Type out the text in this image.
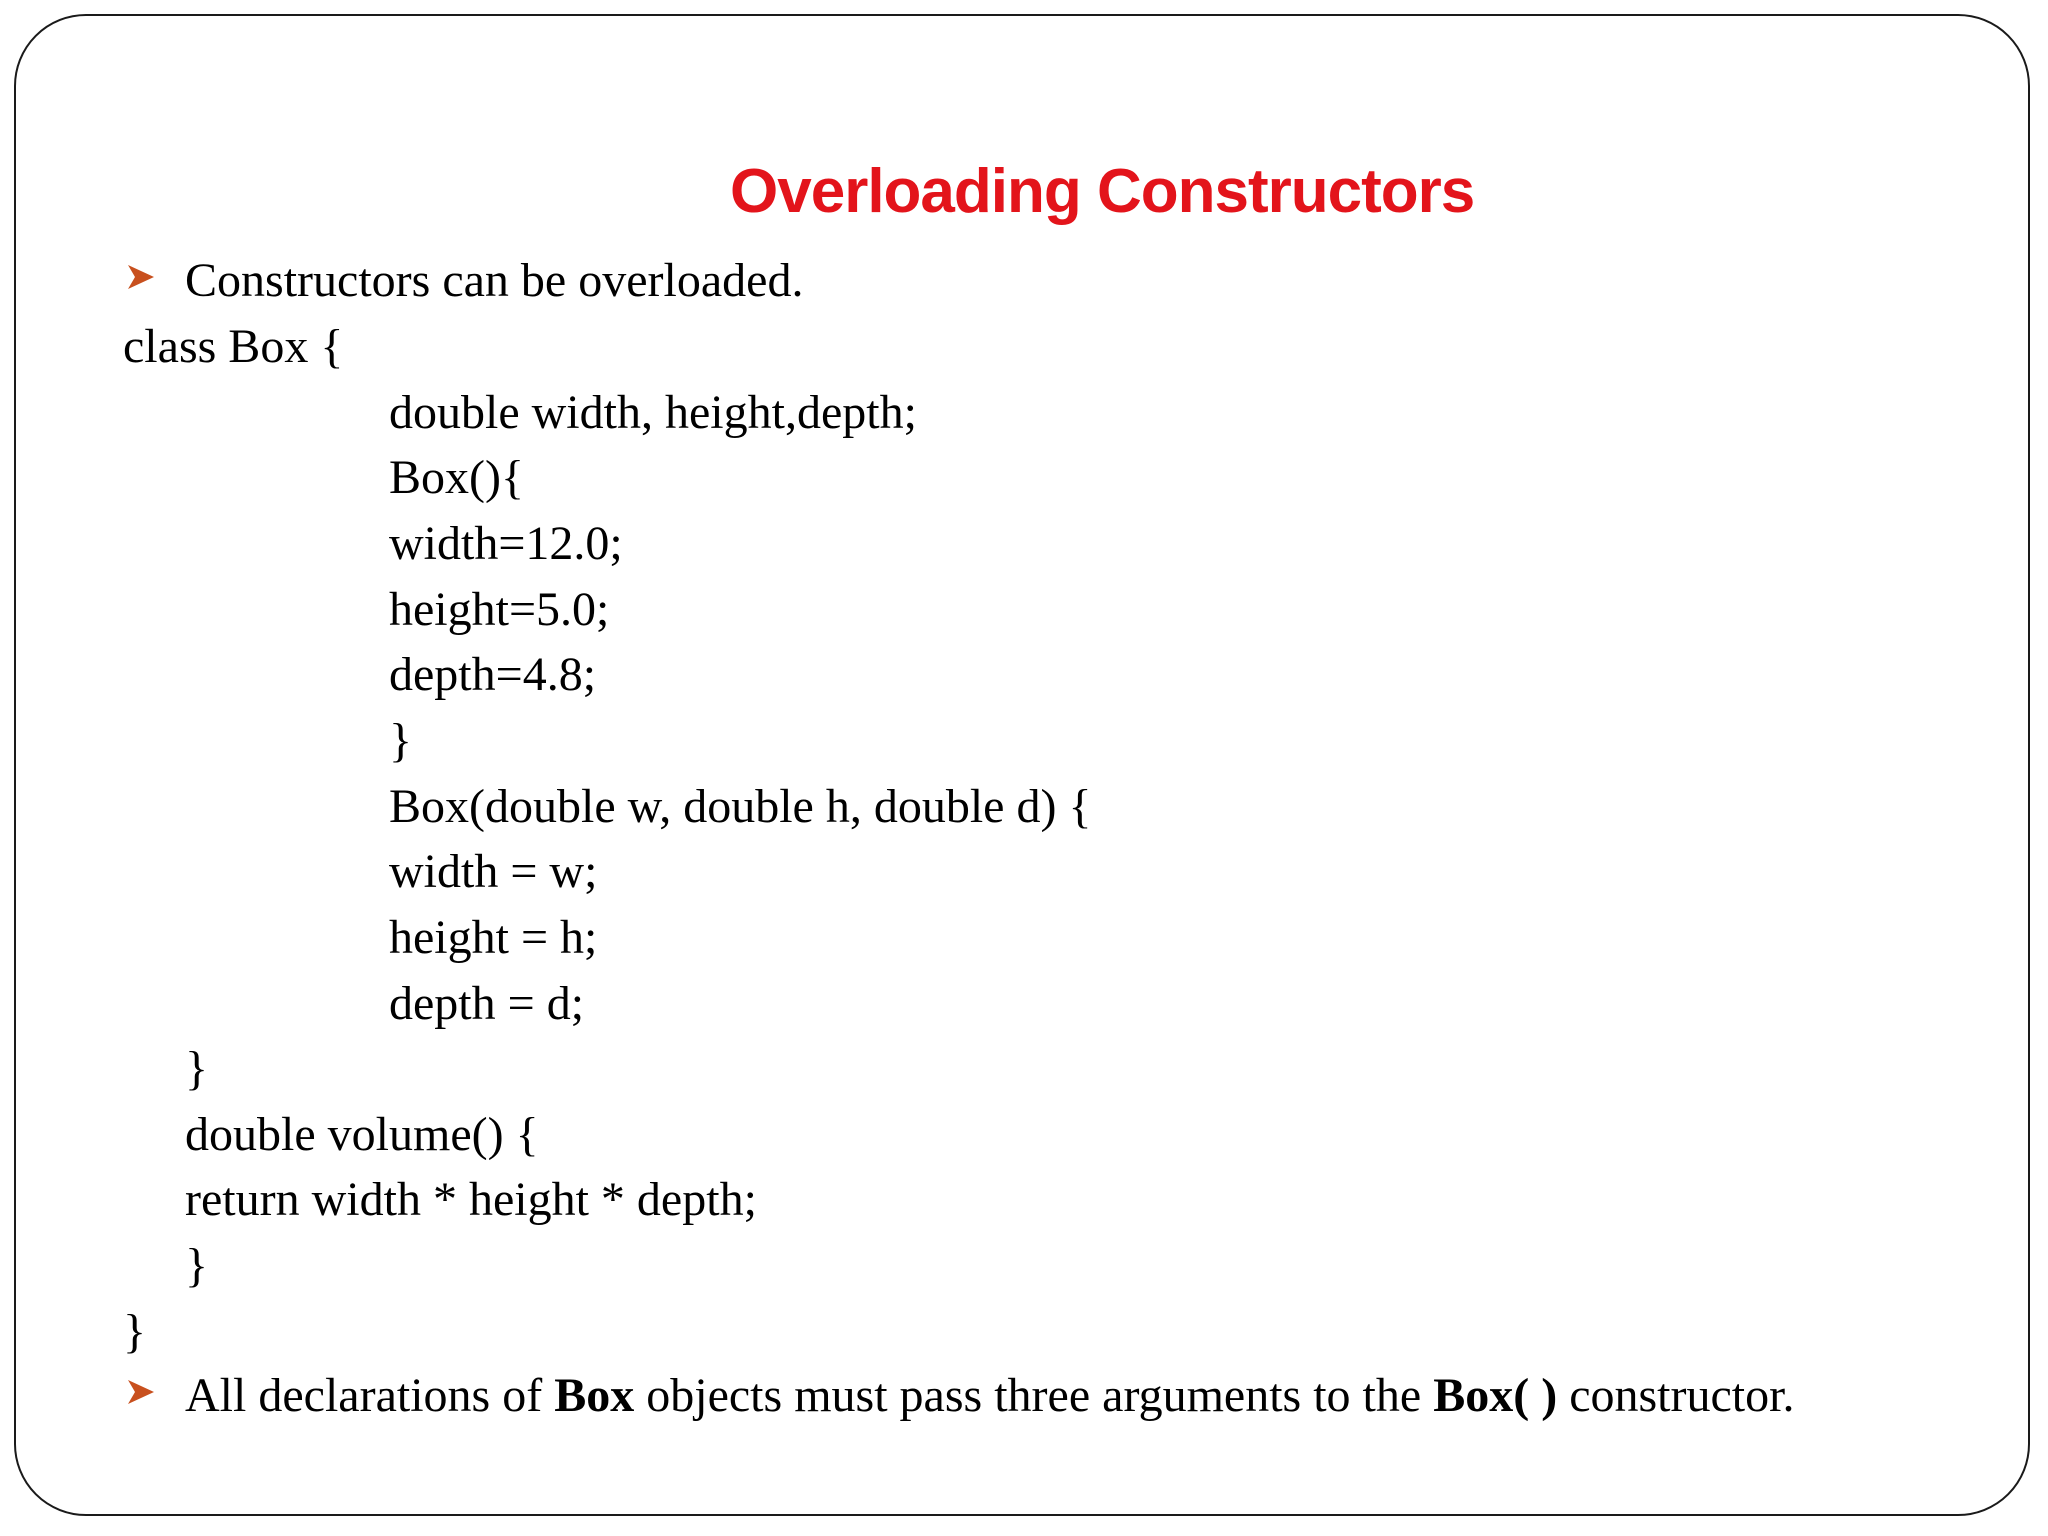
Overloading Constructors
Constructors can be overloaded.
class Box {
double width, height,depth;
Box(){
width=12.0;
height=5.0;
depth=4.8;
}
Box(double w, double h, double d) {
width = w;
height = h;
depth = d;
}
double volume() {
return width * height * depth;
}
}
All declarations of Box objects must pass three arguments to the Box( ) constructor.
